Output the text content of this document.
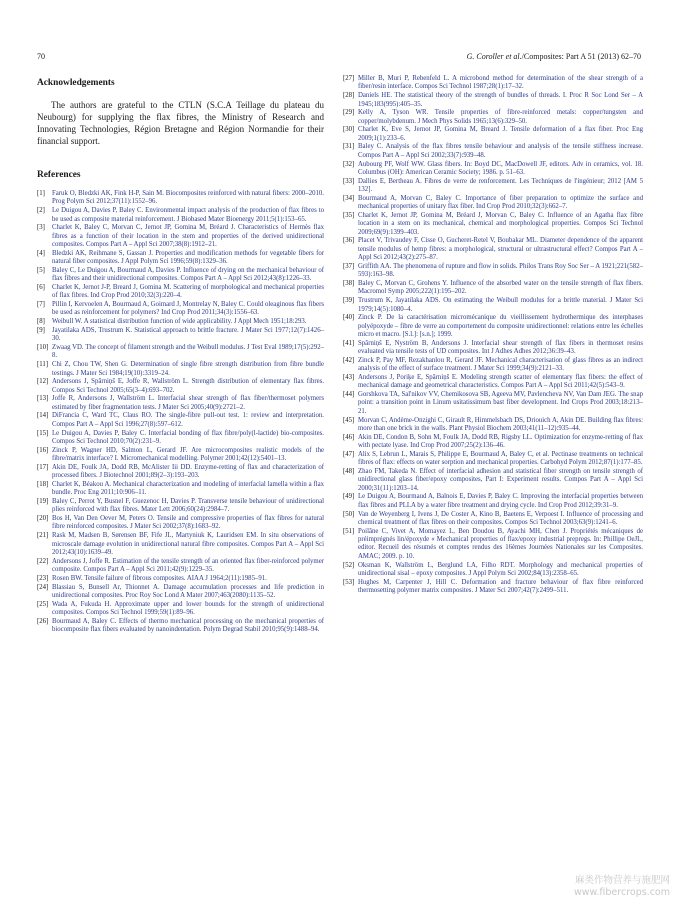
70	G. Coroller et al./Composites: Part A 51 (2013) 62–70
Acknowledgements

The authors are grateful to the CTLN (S.C.A Teillage du plateau du Neubourg) for supplying the flax fibres, the Ministry of Research and Innovating Technologies, Région Bretagne and Région Normandie for their financial support.

References
[1] Faruk O, Bledzki AK, Fink H-P, Sain M. Biocomposites reinforced with natural fibers: 2000–2010. Prog Polym Sci 2012;37(11):1552–96.
[2] Le Duigou A, Davies P, Baley C. Environmental impact analysis of the production of flax fibres to be used as composite material reinforcement. J Biobased Mater Bioenergy 2011;5(1):153–65.
[3] Charlet K, Baley C, Morvan C, Jernot JP, Gomina M, Bréard J. Characteristics of Hermès flax fibres as a function of their location in the stem and properties of the derived unidirectional composites. Compos Part A – Appl Sci 2007;38(8):1912–21.
[4] Bledzki AK, Reihmane S, Gassan J. Properties and modification methods for vegetable fibers for natural fiber composites. J Appl Polym Sci 1996;59(8):1329–36.
[5] Baley C, Le Duigou A, Bourmaud A, Davies P. Influence of drying on the mechanical behaviour of flax fibres and their unidirectional composites. Compos Part A – Appl Sci 2012;43(8):1226–33.
[6] Charlet K, Jernot J-P, Breard J, Gomina M. Scattering of morphological and mechanical properties of flax fibres. Ind Crop Prod 2010;32(3):220–4.
[7] Pillin I, Kervoelen A, Bourmaud A, Goimard J, Montrelay N, Baley C. Could oleaginous flax fibers be used as reinforcement for polymers? Ind Crop Prod 2011;34(3):1556–63.
[8] Weibull W. A statistical distribution function of wide applicability. J Appl Mech 1951;18:293.
[9] Jayatilaka ADS, Trustrum K. Statistical approach to brittle fracture. J Mater Sci 1977;12(7):1426–30.
[10] Zwaag VD. The concept of filament strength and the Weibull modulus. J Test Eval 1989;17(5):292–8.
[11] Chi Z, Chou TW, Shen G. Determination of single fibre strength distribution from fibre bundle testings. J Mater Sci 1984;19(10):3319–24.
[12] Andersons J, Spārniņš E, Joffe R, Wallström L. Strength distribution of elementary flax fibres. Compos Sci Technol 2005;65(3–4):693–702.
[13] Joffe R, Andersons J, Wallström L. Interfacial shear strength of flax fiber/thermoset polymers estimated by fiber fragmentation tests. J Mater Sci 2005;40(9):2721–2.
[14] DiFrancia C, Ward TC, Claus RO. The single-fibre pull-out test. 1: review and interpretation. Compos Part A – Appl Sci 1996;27(8):597–612.
[15] Le Duigou A, Davies P, Baley C. Interfacial bonding of flax fibre/poly(l-lactide) bio-composites. Compos Sci Technol 2010;70(2):231–9.
[16] Zinck P, Wagner HD, Salmon L, Gerard JF. Are microcomposites realistic models of the fibre/matrix interface? I. Micromechanical modelling. Polymer 2001;42(12):5401–13.
[17] Akin DE, Foulk JA, Dodd RB, McAlister Iii DD. Enzyme-retting of flax and characterization of processed fibers. J Biotechnol 2001;89(2–3):193–203.
[18] Charlet K, Béakou A. Mechanical characterization and modeling of interfacial lamella within a flax bundle. Proc Eng 2011;10:906–11.
[19] Baley C, Perrot Y, Busnel F, Guezenoc H, Davies P. Transverse tensile behaviour of unidirectional plies reinforced with flax fibres. Mater Lett 2006;60(24):2984–7.
[20] Bos H, Van Den Oever M, Peters O. Tensile and compressive properties of flax fibres for natural fibre reinforced composites. J Mater Sci 2002;37(8):1683–92.
[21] Rask M, Madsen B, Sørensen BF, Fife JL, Martyniuk K, Lauridsen EM. In situ observations of microscale damage evolution in unidirectional natural fibre composites. Compos Part A – Appl Sci 2012;43(10):1639–49.
[22] Andersons J, Joffe R. Estimation of the tensile strength of an oriented flax fiber-reinforced polymer composite. Compos Part A – Appl Sci 2011;42(9):1229–35.
[23] Rosen BW. Tensile failure of fibrous composites. AIAA J 1964;2(11):1985–91.
[24] Blassiau S, Bunsell Ar, Thionnet A. Damage accumulation processes and life prediction in unidirectional composites. Proc Roy Soc Lond A Mater 2007;463(2080):1135–52.
[25] Wada A, Fukuda H. Approximate upper and lower bounds for the strength of unidirectional composites. Compos Sci Technol 1999;59(1):89–96.
[26] Bourmaud A, Baley C. Effects of thermo mechanical processing on the mechanical properties of biocomposite flax fibers evaluated by nanoindentation. Polym Degrad Stabil 2010;95(9):1488–94.
[27] Miller B, Muri P, Rebenfeld L. A microbond method for determination of the shear strength of a fiber/resin interface. Compos Sci Technol 1987;28(1):17–32.
[28] Daniels HE. The statistical theory of the strength of bundles of threads. I. Proc R Soc Lond Ser – A 1945;183(995):405–35.
[29] Kelly A, Tyson WR. Tensile properties of fibre-reinforced metals: copper/tungsten and copper/molybdenum. J Mech Phys Solids 1965;13(6):329–50.
[30] Charlet K, Eve S, Jernot JP, Gomina M, Breard J. Tensile deformation of a flax fiber. Proc Eng 2009;1(1):233–6.
[31] Baley C. Analysis of the flax fibres tensile behaviour and analysis of the tensile stiffness increase. Compos Part A – Appl Sci 2002;33(7):939–48.
[32] Aubourg PF, Wolf WW. Glass fibers. In: Boyd DC, MacDowell JF, editors. Adv in ceramics, vol. 18. Columbus (OH): American Ceramic Society; 1986. p. 51–63.
[33] Dallies E, Bertheau A. Fibres de verre de renforcement. Les Techniques de l'ingénieur; 2012 [AM 5 132].
[34] Bourmaud A, Morvan C, Baley C. Importance of fiber preparation to optimize the surface and mechanical properties of unitary flax fiber. Ind Crop Prod 2010;32(3):662–7.
[35] Charlet K, Jernot JP, Gomina M, Bréard J, Morvan C, Baley C. Influence of an Agatha flax fibre location in a stem on its mechanical, chemical and morphological properties. Compos Sci Technol 2009;69(9):1399–403.
[36] Placet V, Trivaudey F, Cisse O, Gucheret-Retel V, Boubakar ML. Diameter dependence of the apparent tensile modulus of hemp fibres: a morphological, structural or ultrastructural effect? Compos Part A – Appl Sci 2012;43(2):275–87.
[37] Griffith AA. The phenomena of rupture and flow in solids. Philos Trans Roy Soc Ser – A 1921;221(582–593):163–98.
[38] Baley C, Morvan C, Grohens Y. Influence of the absorbed water on the tensile strength of flax fibers. Macromol Symp 2005;222(1):195–202.
[39] Trustrum K, Jayatilaka ADS. On estimating the Weibull modulus for a brittle material. J Mater Sci 1979;14(5):1080–4.
[40] Zinck P. De la caractérisation micromécanique du vieillissement hydrothermique des interphases polyépoxyde – fibre de verre au comportement du composite unidirectionnel: relations entre les échelles micro et macro. [S.l.]: [s.n.]; 1999.
[41] Spārniņš E, Nyström B, Andersons J. Interfacial shear strength of flax fibers in thermoset resins evaluated via tensile tests of UD composites. Int J Adhes Adhes 2012;36:39–43.
[42] Zinck P, Pay MF, Rezakhanlou R, Gerard JF. Mechanical characterisation of glass fibres as an indirect analysis of the effect of surface treatment. J Mater Sci 1999;34(9):2121–33.
[43] Andersons J, Poriķe E, Spārniņš E. Modeling strength scatter of elementary flax fibers: the effect of mechanical damage and geometrical characteristics. Compos Part A – Appl Sci 2011;42(5):543–9.
[44] Gorshkova TA, Sal'nikov VV, Chemikosova SB, Ageeva MV, Pavlencheva NV, Van Dam JEG. The snap point: a transition point in Linum usitatissimum bast fiber development. Ind Crops Prod 2003;18:213–21.
[45] Morvan C, Andème-Onzighi C, Girault R, Himmelsbach DS, Driouich A, Akin DE. Building flax fibres: more than one brick in the walls. Plant Physiol Biochem 2003;41(11–12):935–44.
[46] Akin DE, Condon B, Sohn M, Foulk JA, Dodd RB, Rigsby LL. Optimization for enzyme-retting of flax with pectate lyase. Ind Crop Prod 2007;25(2):136–46.
[47] Alix S, Lebrun L, Marais S, Philippe E, Bourmaud A, Baley C, et al. Pectinase treatments on technical fibres of flax: effects on water sorption and mechanical properties. Carbohyd Polym 2012;87(1):177–85.
[48] Zhao FM, Takeda N. Effect of interfacial adhesion and statistical fiber strength on tensile strength of unidirectional glass fiber/epoxy composites, Part I: Experiment results. Compos Part A – Appl Sci 2000;31(11):1203–14.
[49] Le Duigou A, Bourmaud A, Balnois E, Davies P, Baley C. Improving the interfacial properties between flax fibres and PLLA by a water fibre treatment and drying cycle. Ind Crop Prod 2012;39:31–9.
[50] Van de Weyenberg I, Ivens J, De Coster A, Kino B, Baetens E, Verpoest I. Influence of processing and chemical treatment of flax fibres on their composites. Compos Sci Technol 2003;63(9):1241–6.
[51] Poilâne C, Vivet A, Momayez L, Ben Doudou B, Ayachi MH, Chen J. Propriétés mécaniques de préimprégnés lin/époxyde « Mechanical properties of flax/epoxy industrial prepregs. In: Phillipe OeJL, editor. Recueil des résumés et comptes rendus des 16èmes Journées Nationales sur les Composites. AMAC; 2009. p. 10.
[52] Oksman K, Wallström L, Berglund LA, Filho RDT. Morphology and mechanical properties of unidirectional sisal – epoxy composites. J Appl Polym Sci 2002;84(13):2358–65.
[53] Hughes M, Carpenter J, Hill C. Deformation and fracture behaviour of flax fibre reinforced thermosetting polymer matrix composites. J Mater Sci 2007;42(7):2499–511.
麻类作物营养与施肥网
www.fibercrops.com
